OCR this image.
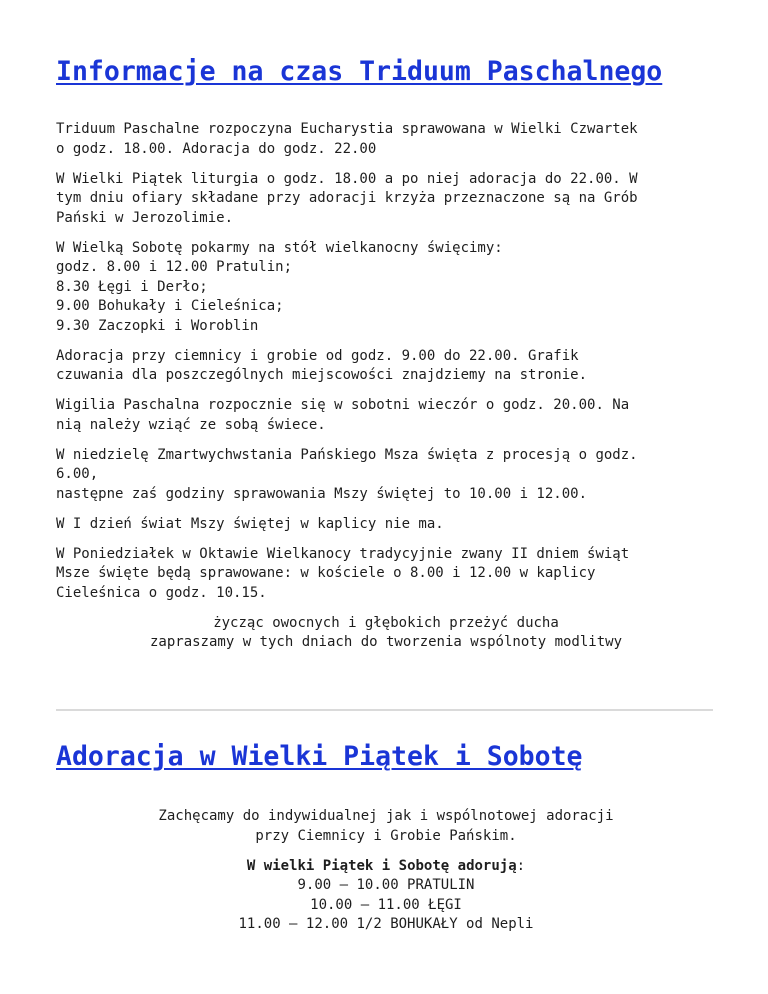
Informacje na czas Triduum Paschalnego

Triduum Paschalne rozpoczyna Eucharystia sprawowana w Wielki Czwartek
o godz. 18.00. Adoracja do godz. 22.00

W Wielki Piątek liturgia o godz. 18.00 a po niej adoracja do 22.00. W
tym dniu ofiary składane przy adoracji krzyża przeznaczone są na Grób
Pański w Jerozolimie.

W Wielką Sobotę pokarmy na stół wielkanocny święcimy:
godz. 8.00 i 12.00 Pratulin;
8.30 Łęgi i Derło;
9.00 Bohukały i Cieleśnica;
9.30 Zaczopki i Woroblin

Adoracja przy ciemnicy i grobie od godz. 9.00 do 22.00. Grafik
czuwania dla poszczególnych miejscowości znajdziemy na stronie.

Wigilia Paschalna rozpocznie się w sobotni wieczór o godz. 20.00. Na
nią należy wziąć ze sobą świece.

W niedzielę Zmartwychwstania Pańskiego Msza święta z procesją o godz.
6.00,
następne zaś godziny sprawowania Mszy świętej to 10.00 i 12.00.

W I dzień świat Mszy świętej w kaplicy nie ma.

W Poniedziałek w Oktawie Wielkanocy tradycyjnie zwany II dniem świąt
Msze święte będą sprawowane: w kościele o 8.00 i 12.00 w kaplicy
Cieleśnica o godz. 10.15.

życząc owocnych i głębokich przeżyć ducha
zapraszamy w tych dniach do tworzenia wspólnoty modlitwy

Adoracja w Wielki Piątek i Sobotę

Zachęcamy do indywidualnej jak i wspólnotowej adoracji
przy Ciemnicy i Grobie Pańskim.

W wielki Piątek i Sobotę adorują:
9.00 – 10.00 PRATULIN
10.00 – 11.00 ŁĘGI
11.00 – 12.00 1/2 BOHUKAŁY od Nepli
